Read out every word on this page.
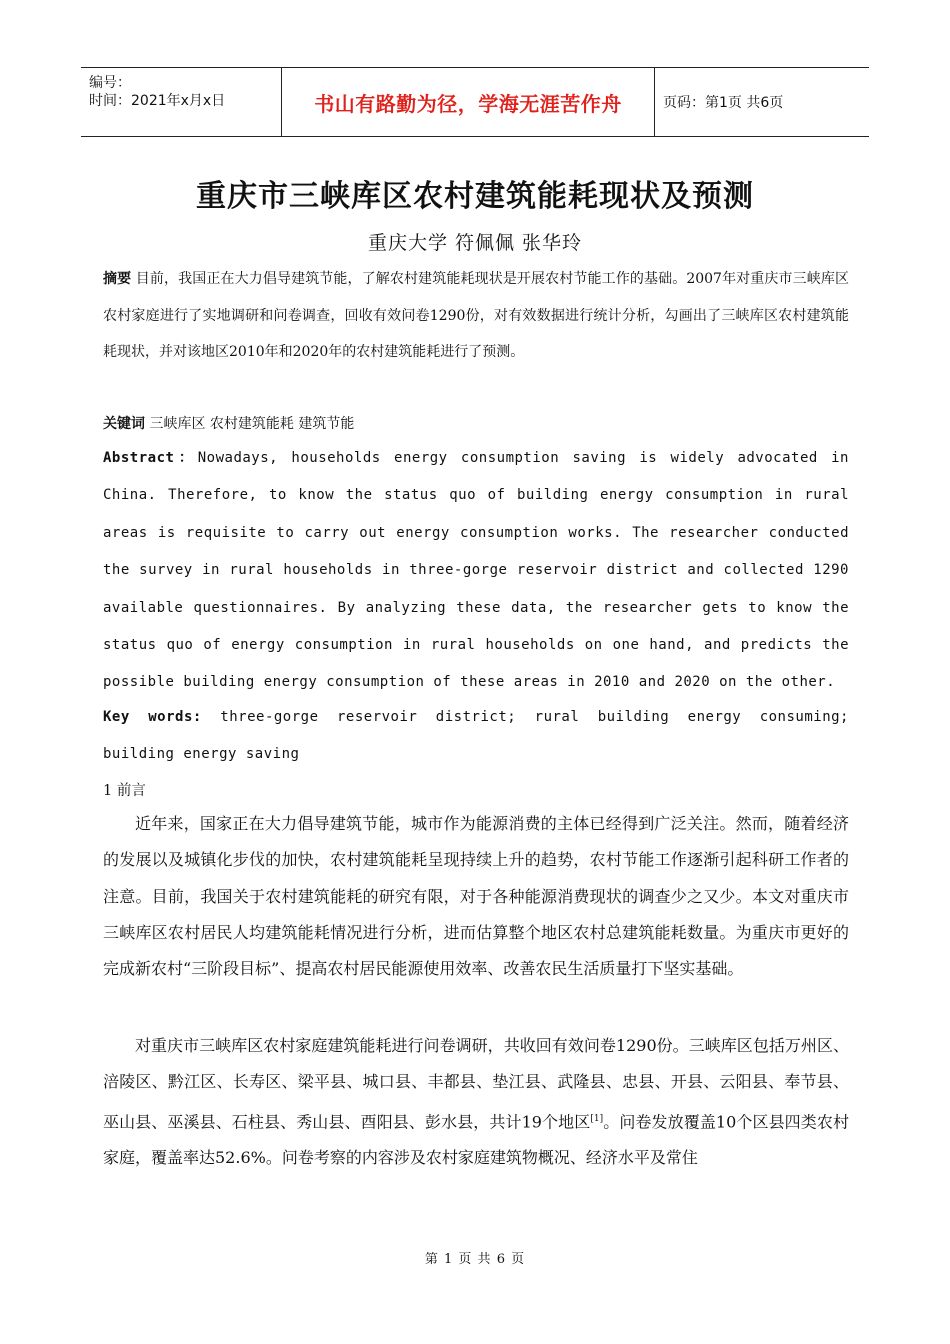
编号：
时间：2021年x月x日	书山有路勤为径，学海无涯苦作舟	页码：第1页 共6页
重庆市三峡库区农村建筑能耗现状及预测
重庆大学 符佩佩 张华玲
摘要 目前，我国正在大力倡导建筑节能，了解农村建筑能耗现状是开展农村节能工作的基础。2007年对重庆市三峡库区农村家庭进行了实地调研和问卷调查，回收有效问卷1290份，对有效数据进行统计分析，勾画出了三峡库区农村建筑能耗现状，并对该地区2010年和2020年的农村建筑能耗进行了预测。
关键词 三峡库区 农村建筑能耗 建筑节能
Abstract：Nowadays, households energy consumption saving is widely advocated in China. Therefore, to know the status quo of building energy consumption in rural areas is requisite to carry out energy consumption works. The researcher conducted the survey in rural households in three-gorge reservoir district and collected 1290 available questionnaires. By analyzing these data, the researcher gets to know the status quo of energy consumption in rural households on one hand, and predicts the possible building energy consumption of these areas in 2010 and 2020 on the other.
Key words: three-gorge reservoir district; rural building energy consuming; building energy saving
1 前言
近年来，国家正在大力倡导建筑节能，城市作为能源消费的主体已经得到广泛关注。然而，随着经济的发展以及城镇化步伐的加快，农村建筑能耗呈现持续上升的趋势，农村节能工作逐渐引起科研工作者的注意。目前，我国关于农村建筑能耗的研究有限，对于各种能源消费现状的调查少之又少。本文对重庆市三峡库区农村居民人均建筑能耗情况进行分析，进而估算整个地区农村总建筑能耗数量。为重庆市更好的完成新农村“三阶段目标”、提高农村居民能源使用效率、改善农民生活质量打下坚实基础。
对重庆市三峡库区农村家庭建筑能耗进行问卷调研，共收回有效问卷1290份。三峡库区包括万州区、涪陵区、黔江区、长寿区、梁平县、城口县、丰都县、垫江县、武隆县、忠县、开县、云阳县、奉节县、巫山县、巫溪县、石柱县、秀山县、酉阳县、彭水县，共计19个地区[1]。问卷发放覆盖10个区县四类农村家庭，覆盖率达52.6%。问卷考察的内容涉及农村家庭建筑物概况、经济水平及常住
第 1 页 共 6 页
